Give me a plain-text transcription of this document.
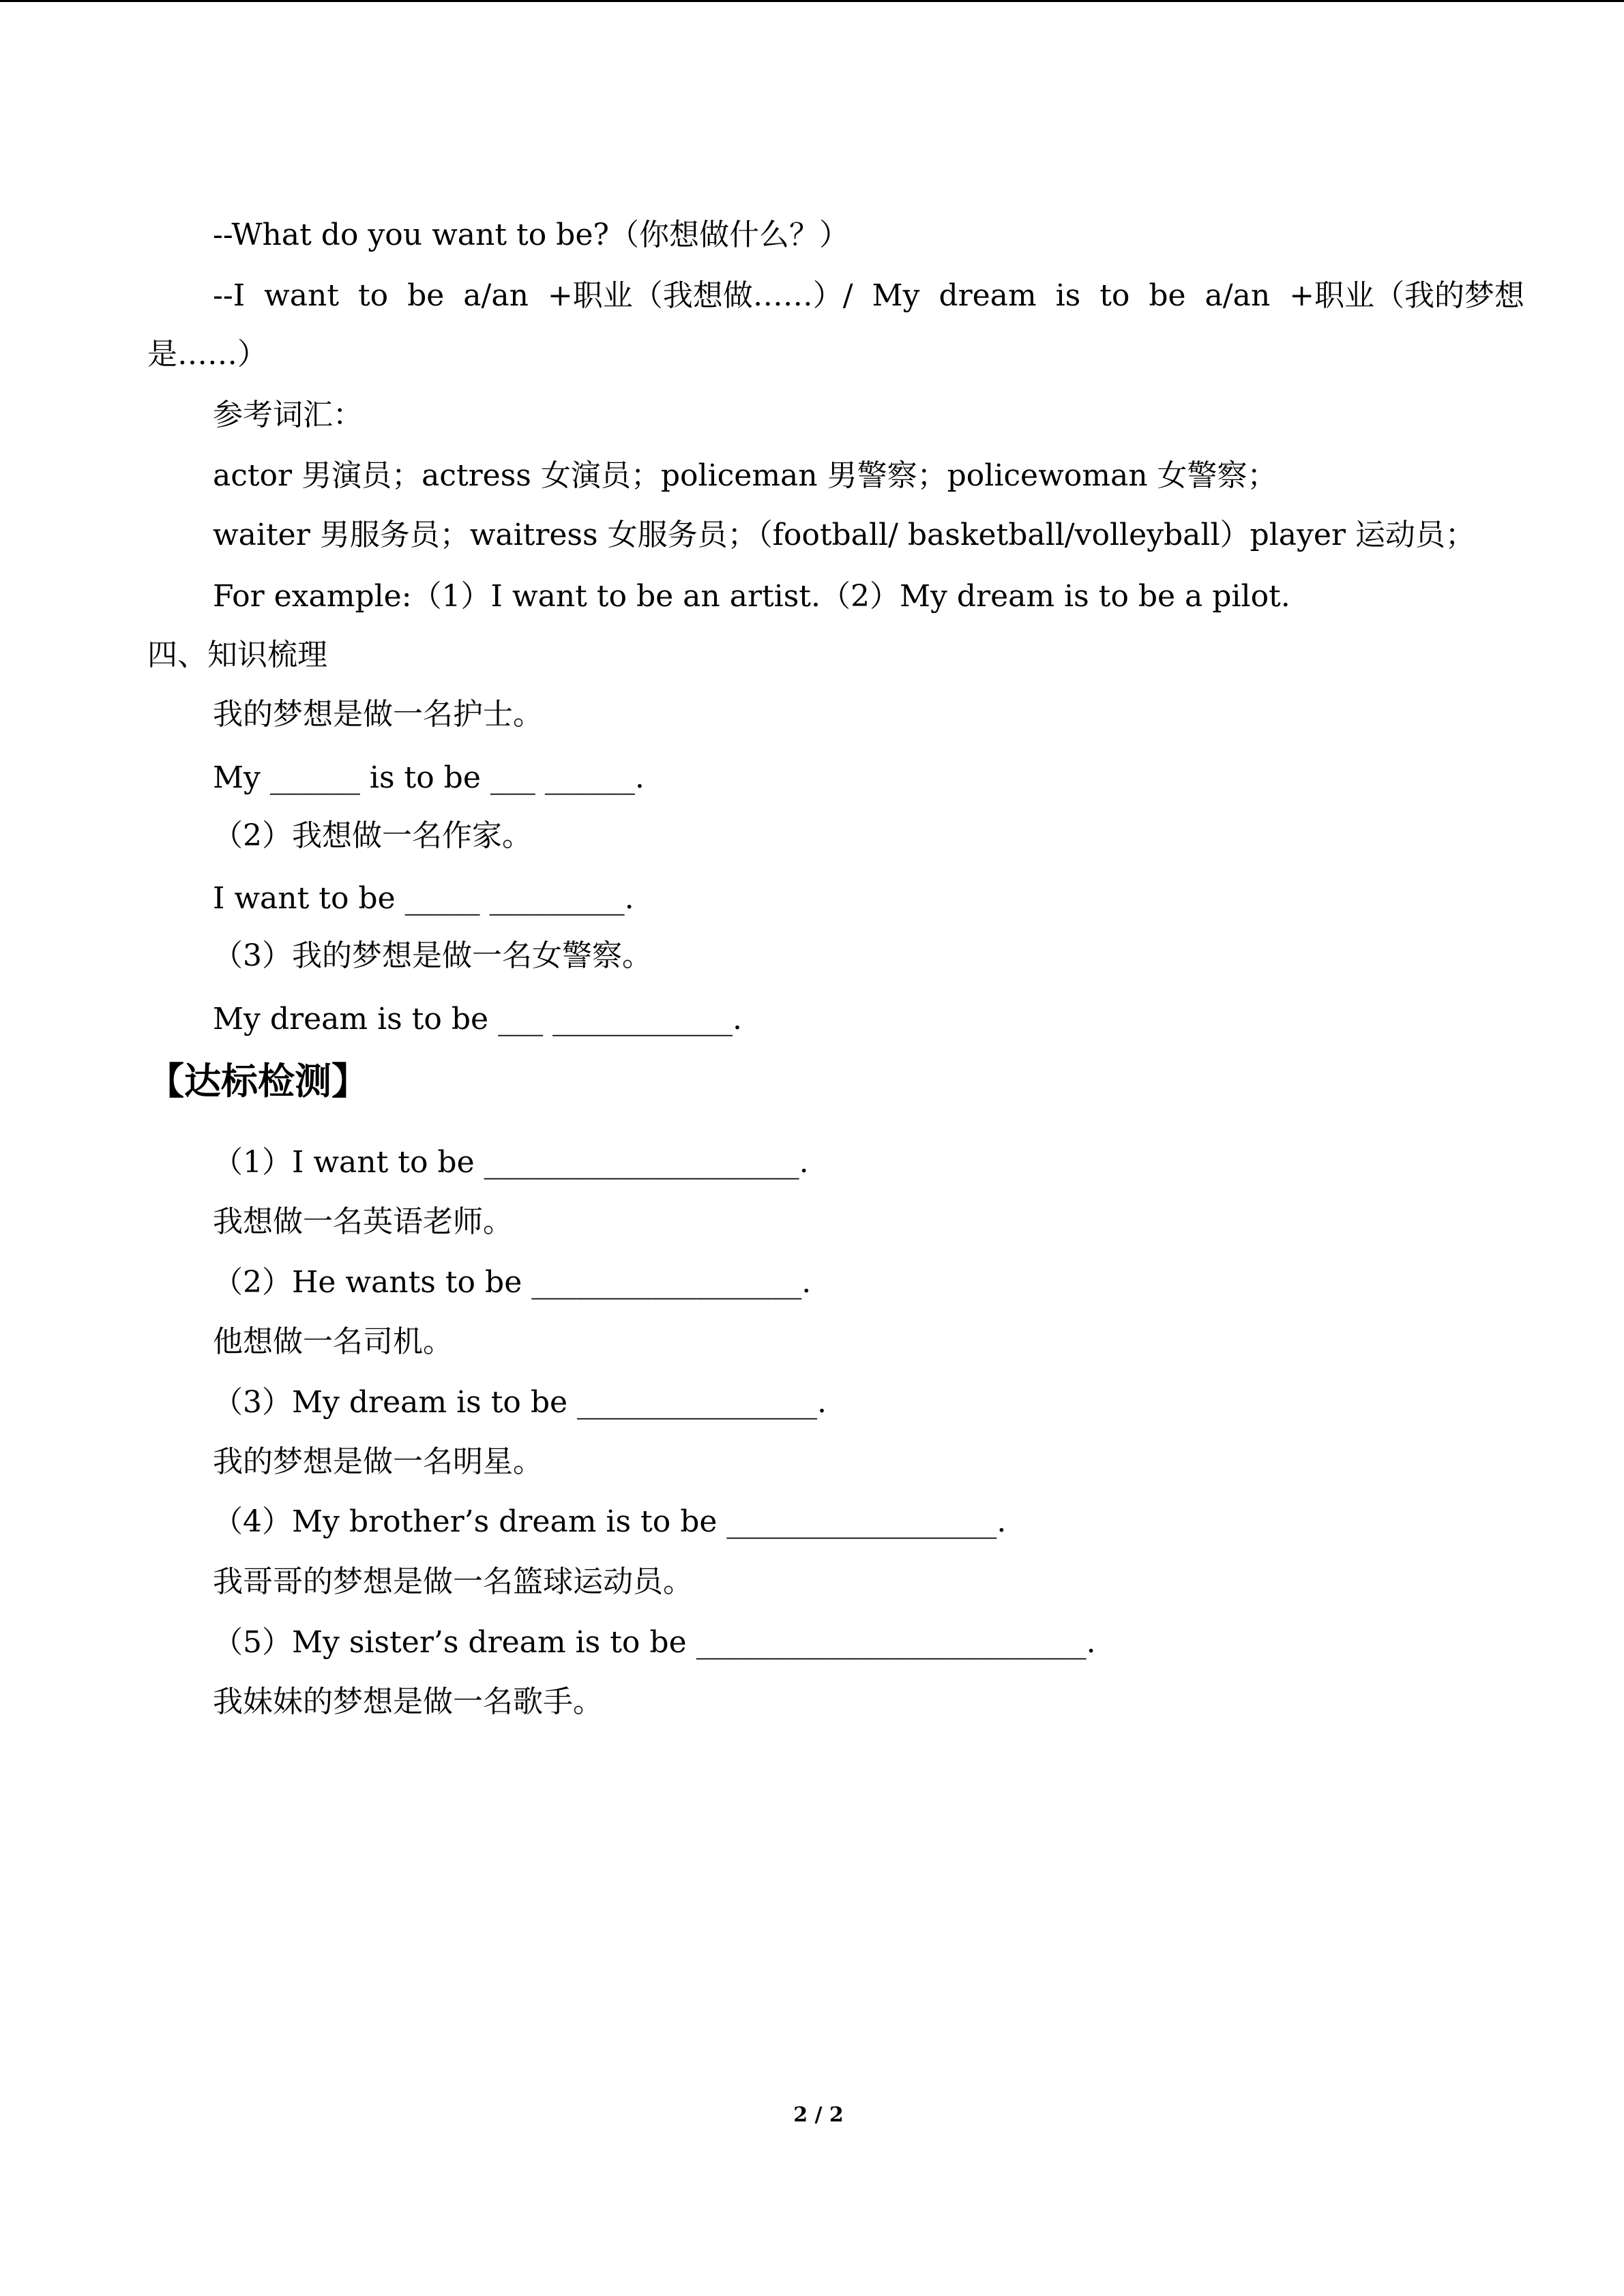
--What do you want to be?（你想做什么？）
--I  want  to  be  a/an  +职业（我想做……）/  My  dream  is  to  be  a/an  +职业（我的梦想
是……）
参考词汇：
actor 男演员；actress 女演员；policeman 男警察；policewoman 女警察；
waiter 男服务员；waitress 女服务员；（football/ basketball/volleyball）player 运动员；
For example:（1）I want to be an artist.（2）My dream is to be a pilot.
四、知识梳理
我的梦想是做一名护士。
My ______ is to be ___ ______.
（2）我想做一名作家。
I want to be _____ _________.
（3）我的梦想是做一名女警察。
My dream is to be ___ ____________.
【达标检测】
（1）I want to be _____________________.
我想做一名英语老师。
（2）He wants to be __________________.
他想做一名司机。
（3）My dream is to be ________________.
我的梦想是做一名明星。
（4）My brother’s dream is to be __________________.
我哥哥的梦想是做一名篮球运动员。
（5）My sister’s dream is to be __________________________.
我妹妹的梦想是做一名歌手。
2 / 2
